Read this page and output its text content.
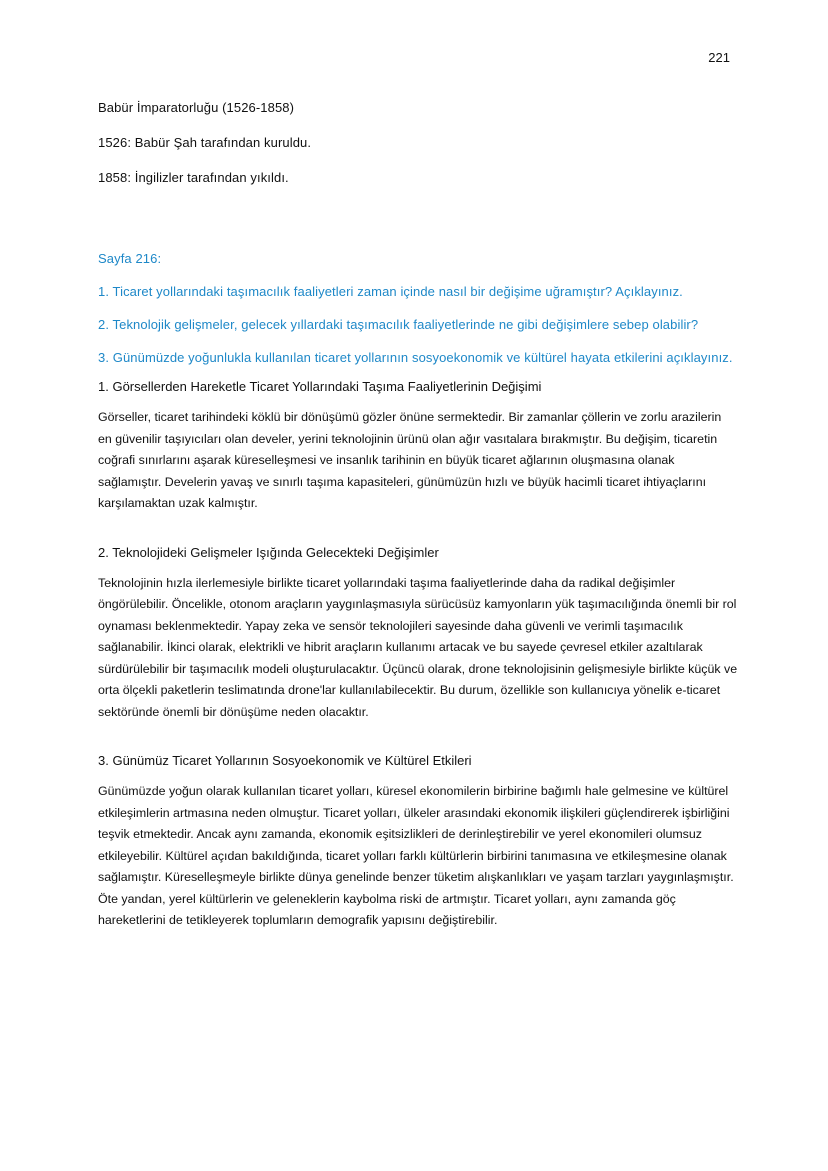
221

Babür İmparatorluğu (1526-1858)

1526: Babür Şah tarafından kuruldu.

1858: İngilizler tarafından yıkıldı.

Sayfa 216:

1. Ticaret yollarındaki taşımacılık faaliyetleri zaman içinde nasıl bir değişime uğramıştır? Açıklayınız.

2. Teknolojik gelişmeler, gelecek yıllardaki taşımacılık faaliyetlerinde ne gibi değişimlere sebep olabilir?

3. Günümüzde yoğunlukla kullanılan ticaret yollarının sosyoekonomik ve kültürel hayata etkilerini açıklayınız.

1. Görsellerden Hareketle Ticaret Yollarındaki Taşıma Faaliyetlerinin Değişimi

Görseller, ticaret tarihindeki köklü bir dönüşümü gözler önüne sermektedir. Bir zamanlar çöllerin ve zorlu arazilerin en güvenilir taşıyıcıları olan develer, yerini teknolojinin ürünü olan ağır vasıtalara bırakmıştır. Bu değişim, ticaretin coğrafi sınırlarını aşarak küreselleşmesi ve insanlık tarihinin en büyük ticaret ağlarının oluşmasına olanak sağlamıştır. Develerin yavaş ve sınırlı taşıma kapasiteleri, günümüzün hızlı ve büyük hacimli ticaret ihtiyaçlarını karşılamaktan uzak kalmıştır.

2. Teknolojideki Gelişmeler Işığında Gelecekteki Değişimler

Teknolojinin hızla ilerlemesiyle birlikte ticaret yollarındaki taşıma faaliyetlerinde daha da radikal değişimler öngörülebilir. Öncelikle, otonom araçların yaygınlaşmasıyla sürücüsüz kamyonların yük taşımacılığında önemli bir rol oynaması beklenmektedir. Yapay zeka ve sensör teknolojileri sayesinde daha güvenli ve verimli taşımacılık sağlanabilir. İkinci olarak, elektrikli ve hibrit araçların kullanımı artacak ve bu sayede çevresel etkiler azaltılarak sürdürülebilir bir taşımacılık modeli oluşturulacaktır. Üçüncü olarak, drone teknolojisinin gelişmesiyle birlikte küçük ve orta ölçekli paketlerin teslimatında drone'lar kullanılabilecektir. Bu durum, özellikle son kullanıcıya yönelik e-ticaret sektöründe önemli bir dönüşüme neden olacaktır.

3. Günümüz Ticaret Yollarının Sosyoekonomik ve Kültürel Etkileri

Günümüzde yoğun olarak kullanılan ticaret yolları, küresel ekonomilerin birbirine bağımlı hale gelmesine ve kültürel etkileşimlerin artmasına neden olmuştur. Ticaret yolları, ülkeler arasındaki ekonomik ilişkileri güçlendirerek işbirliğini teşvik etmektedir. Ancak aynı zamanda, ekonomik eşitsizlikleri de derinleştirebilir ve yerel ekonomileri olumsuz etkileyebilir. Kültürel açıdan bakıldığında, ticaret yolları farklı kültürlerin birbirini tanımasına ve etkileşmesine olanak sağlamıştır. Küreselleşmeyle birlikte dünya genelinde benzer tüketim alışkanlıkları ve yaşam tarzları yaygınlaşmıştır. Öte yandan, yerel kültürlerin ve geleneklerin kaybolma riski de artmıştır. Ticaret yolları, aynı zamanda göç hareketlerini de tetikleyerek toplumların demografik yapısını değiştirebilir.
